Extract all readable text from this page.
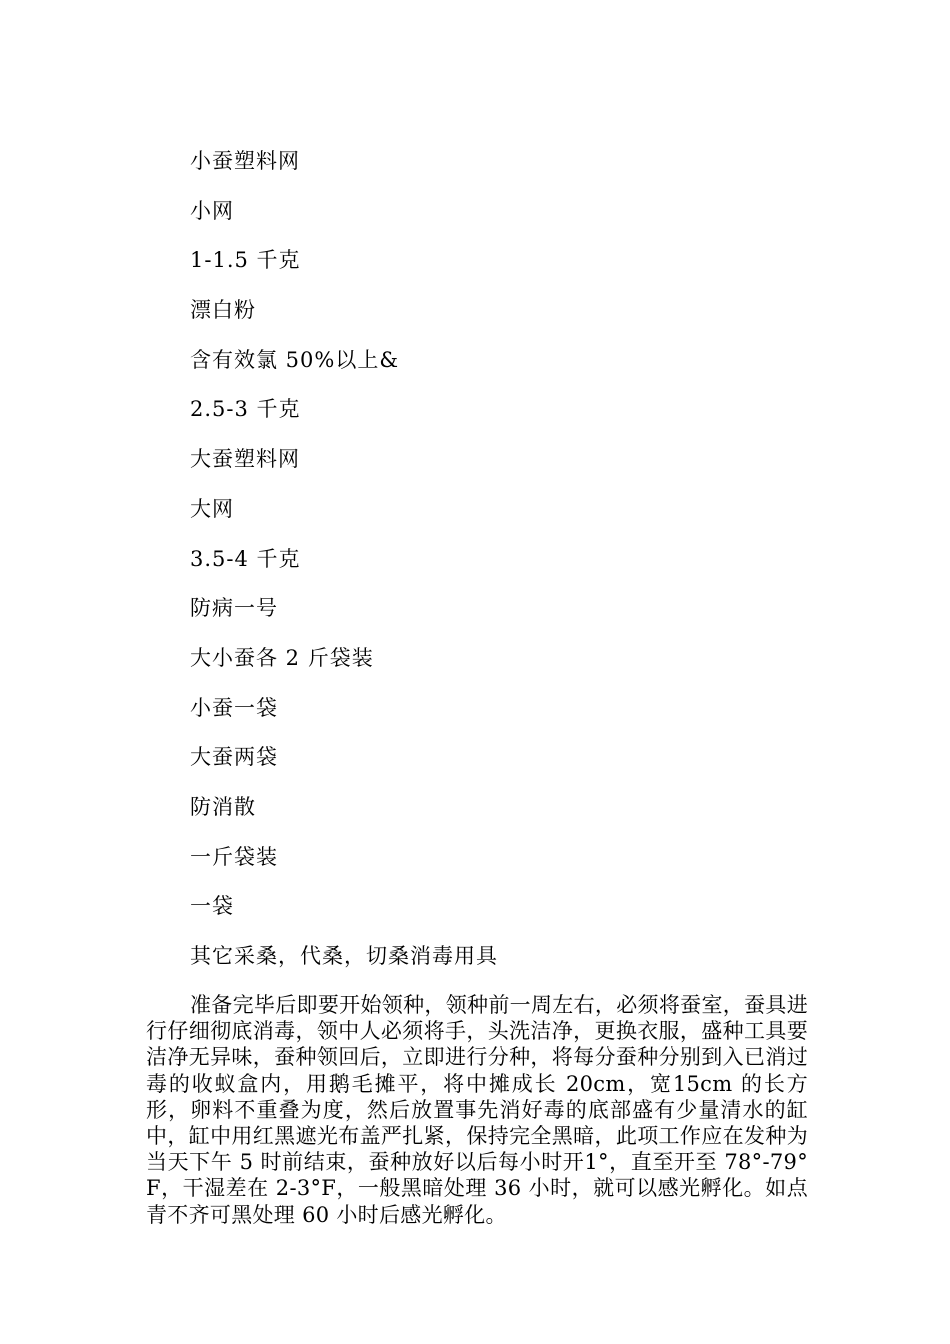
小蚕塑料网
小网
1-1.5 千克
漂白粉
含有效氯 50%以上&
2.5-3 千克
大蚕塑料网
大网
3.5-4 千克
防病一号
大小蚕各 2 斤袋装
小蚕一袋
大蚕两袋
防消散
一斤袋装
一袋
其它采桑，代桑，切桑消毒用具

准备完毕后即要开始领种，领种前一周左右，必须将蚕室，蚕具进行仔细彻底消毒，领中人必须将手，头洗洁净，更换衣服，盛种工具要洁净无异味，蚕种领回后，立即进行分种，将每分蚕种分别到入已消过毒的收蚁盒内，用鹅毛摊平，将中摊成长 20cm，宽15cm 的长方形，卵料不重叠为度，然后放置事先消好毒的底部盛有少量清水的缸中，缸中用红黑遮光布盖严扎紧，保持完全黑暗，此项工作应在发种为当天下午 5 时前结束，蚕种放好以后每小时开1°，直至开至 78°-79°F，干湿差在 2-3°F，一般黑暗处理 36 小时，就可以感光孵化。如点青不齐可黑处理 60 小时后感光孵化。
